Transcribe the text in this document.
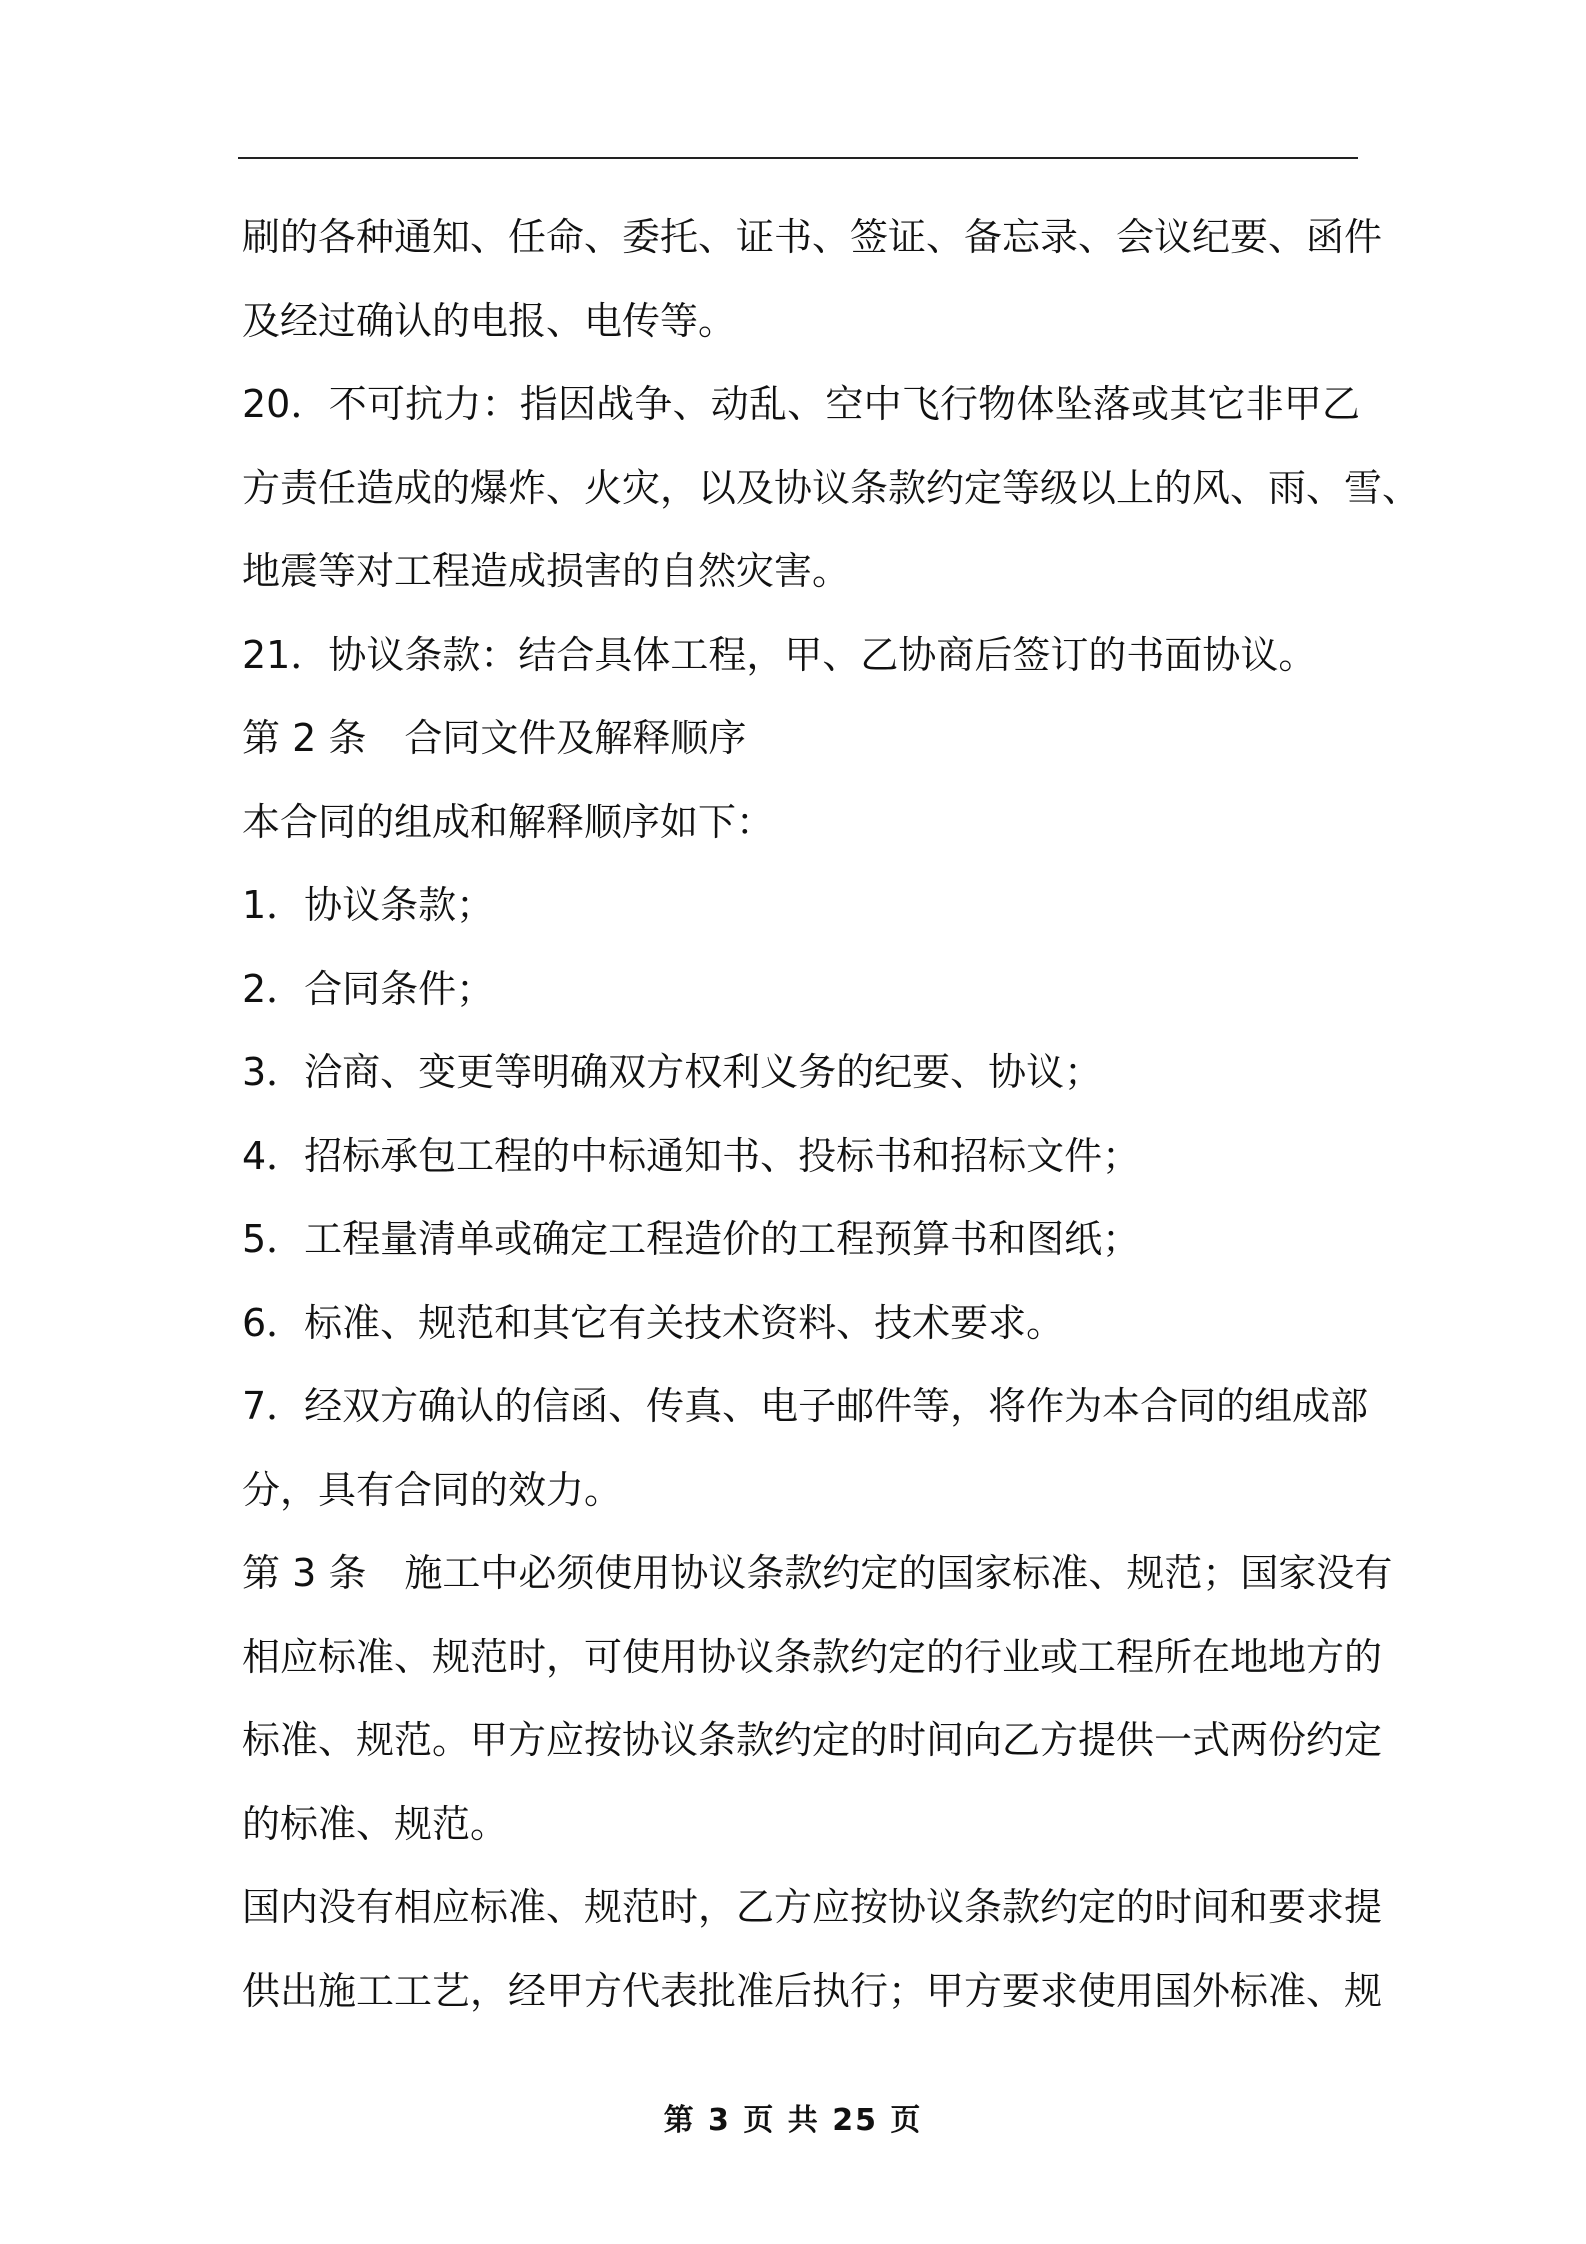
刷的各种通知、任命、委托、证书、签证、备忘录、会议纪要、函件
及经过确认的电报、电传等。
20．不可抗力：指因战争、动乱、空中飞行物体坠落或其它非甲乙
方责任造成的爆炸、火灾，以及协议条款约定等级以上的风、雨、雪、
地震等对工程造成损害的自然灾害。
21．协议条款：结合具体工程，甲、乙协商后签订的书面协议。
第 2 条　合同文件及解释顺序
本合同的组成和解释顺序如下：
1．协议条款；
2．合同条件；
3．洽商、变更等明确双方权利义务的纪要、协议；
4．招标承包工程的中标通知书、投标书和招标文件；
5．工程量清单或确定工程造价的工程预算书和图纸；
6．标准、规范和其它有关技术资料、技术要求。
7．经双方确认的信函、传真、电子邮件等，将作为本合同的组成部
分，具有合同的效力。
第 3 条　施工中必须使用协议条款约定的国家标准、规范；国家没有
相应标准、规范时，可使用协议条款约定的行业或工程所在地地方的
标准、规范。甲方应按协议条款约定的时间向乙方提供一式两份约定
的标准、规范。
国内没有相应标准、规范时，乙方应按协议条款约定的时间和要求提
供出施工工艺，经甲方代表批准后执行；甲方要求使用国外标准、规
第 3 页 共 25 页
